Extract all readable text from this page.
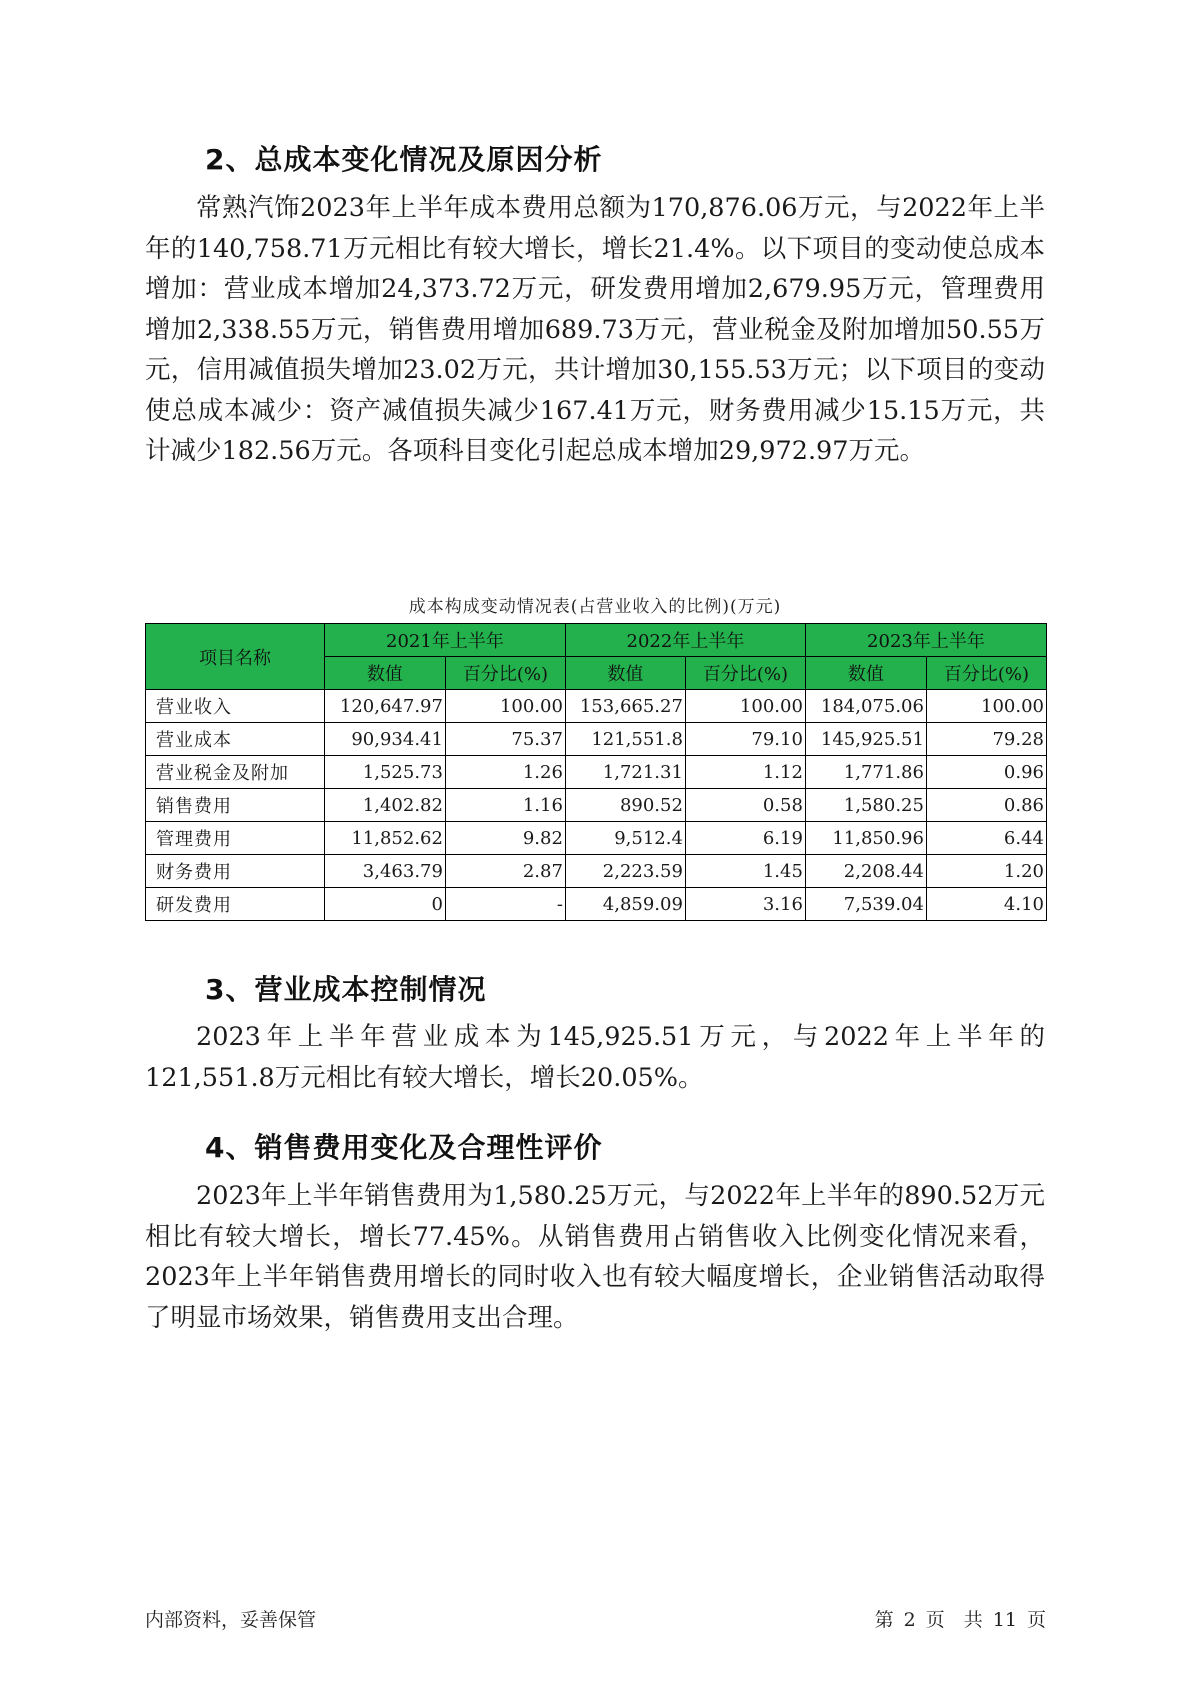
2、总成本变化情况及原因分析

常熟汽饰2023年上半年成本费用总额为170,876.06万元，与2022年上半年的140,758.71万元相比有较大增长，增长21.4%。以下项目的变动使总成本增加：营业成本增加24,373.72万元，研发费用增加2,679.95万元，管理费用增加2,338.55万元，销售费用增加689.73万元，营业税金及附加增加50.55万元，信用减值损失增加23.02万元，共计增加30,155.53万元；以下项目的变动使总成本减少：资产减值损失减少167.41万元，财务费用减少15.15万元，共计减少182.56万元。各项科目变化引起总成本增加29,972.97万元。

成本构成变动情况表(占营业收入的比例)(万元)
项目名称	2021年上半年		2022年上半年		2023年上半年	
	数值	百分比(%)	数值	百分比(%)	数值	百分比(%)
营业收入	120,647.97	100.00	153,665.27	100.00	184,075.06	100.00
营业成本	90,934.41	75.37	121,551.8	79.10	145,925.51	79.28
营业税金及附加	1,525.73	1.26	1,721.31	1.12	1,771.86	0.96
销售费用	1,402.82	1.16	890.52	0.58	1,580.25	0.86
管理费用	11,852.62	9.82	9,512.4	6.19	11,850.96	6.44
财务费用	3,463.79	2.87	2,223.59	1.45	2,208.44	1.20
研发费用	0	-	4,859.09	3.16	7,539.04	4.10
3、营业成本控制情况

2023年上半年营业成本为145,925.51万元，与2022年上半年的121,551.8万元相比有较大增长，增长20.05%。

4、销售费用变化及合理性评价

2023年上半年销售费用为1,580.25万元，与2022年上半年的890.52万元相比有较大增长，增长77.45%。从销售费用占销售收入比例变化情况来看，2023年上半年销售费用增长的同时收入也有较大幅度增长，企业销售活动取得了明显市场效果，销售费用支出合理。

内部资料，妥善保管	第 2 页　共 11 页
